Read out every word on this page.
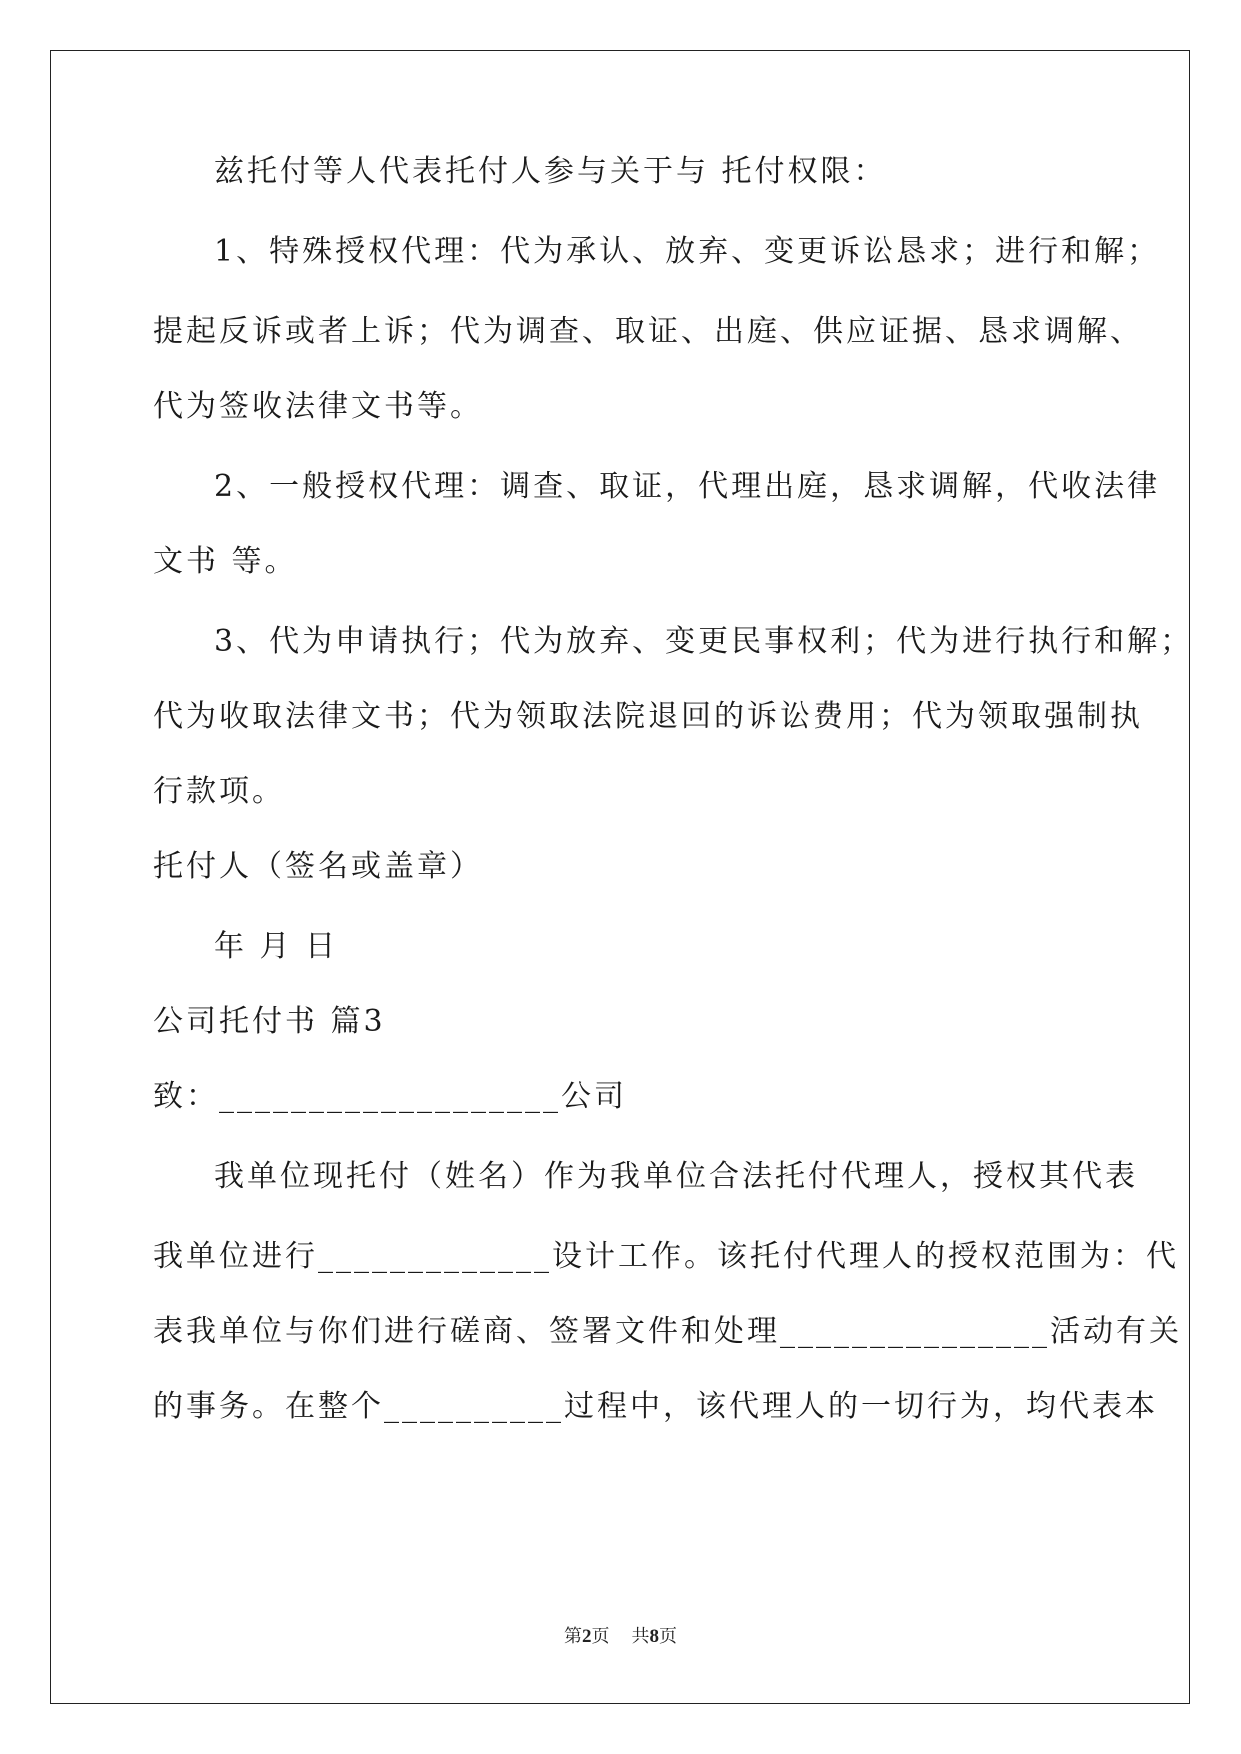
兹托付等人代表托付人参与关于与 托付权限：

1、特殊授权代理：代为承认、放弃、变更诉讼恳求；进行和解；

提起反诉或者上诉；代为调查、取证、出庭、供应证据、恳求调解、

代为签收法律文书等。

2、一般授权代理：调查、取证，代理出庭，恳求调解，代收法律

文书 等。

3、代为申请执行；代为放弃、变更民事权利；代为进行执行和解；

代为收取法律文书；代为领取法院退回的诉讼费用；代为领取强制执

行款项。

托付人（签名或盖章）

年 月 日

公司托付书 篇3

致：___________________公司

我单位现托付（姓名）作为我单位合法托付代理人，授权其代表

我单位进行_____________设计工作。该托付代理人的授权范围为：代

表我单位与你们进行磋商、签署文件和处理_______________活动有关

的事务。在整个__________过程中，该代理人的一切行为，均代表本

第2页 共8页
